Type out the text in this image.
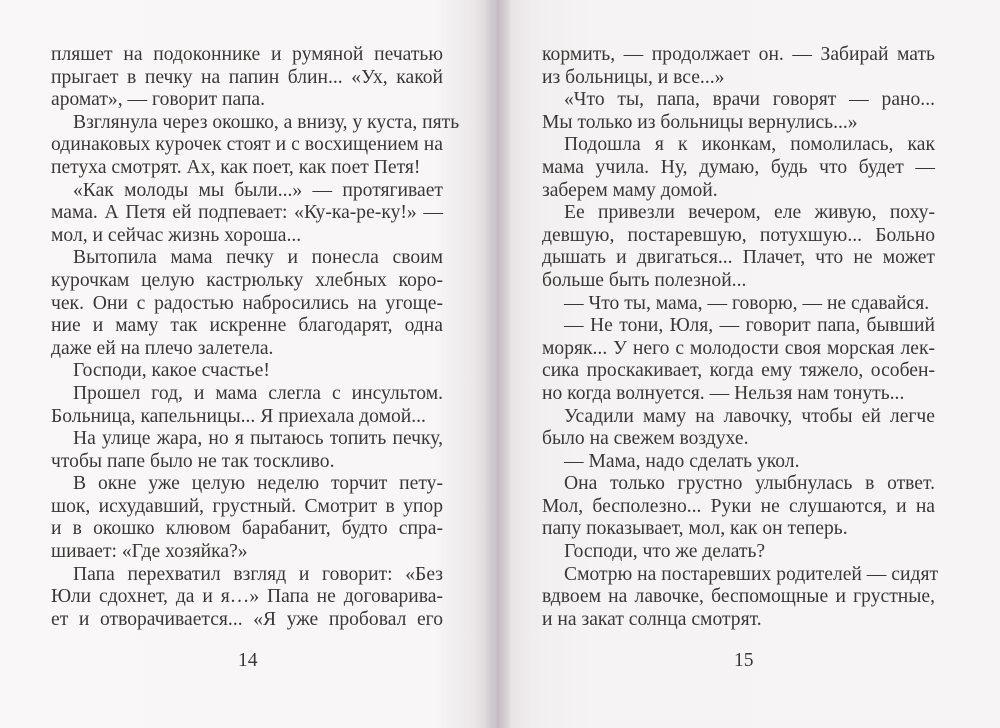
пляшет на подоконнике и румяной печатью
прыгает в печку на папин блин... «Ух, какой
аромат», — говорит папа.
Взглянула через окошко, а внизу, у куста, пять
одинаковых курочек стоят и с восхищением на
петуха смотрят. Ах, как поет, как поет Петя!
«Как молоды мы были...» — протягивает
мама. А Петя ей подпевает: «Ку-ка-ре-ку!» —
мол, и сейчас жизнь хороша...
Вытопила мама печку и понесла своим
курочкам целую кастрюльку хлебных коро-
чек. Они с радостью набросились на угоще-
ние и маму так искренне благодарят, одна
даже ей на плечо залетела.
Господи, какое счастье!
Прошел год, и мама слегла с инсультом.
Больница, капельницы... Я приехала домой...
На улице жара, но я пытаюсь топить печку,
чтобы папе было не так тоскливо.
В окне уже целую неделю торчит пету-
шок, исхудавший, грустный. Смотрит в упор
и в окошко клювом барабанит, будто спра-
шивает: «Где хозяйка?»
Папа перехватил взгляд и говорит: «Без
Юли сдохнет, да и я…» Папа не договарива-
ет и отворачивается... «Я уже пробовал его
14
кормить, — продолжает он. — Забирай мать
из больницы, и все...»
«Что ты, папа, врачи говорят — рано...
Мы только из больницы вернулись...»
Подошла я к иконкам, помолилась, как
мама учила. Ну, думаю, будь что будет —
заберем маму домой.
Ее привезли вечером, еле живую, поху-
девшую, постаревшую, потухшую... Больно
дышать и двигаться... Плачет, что не может
больше быть полезной...
— Что ты, мама, — говорю, — не сдавайся.
— Не тони, Юля, — говорит папа, бывший
моряк... У него с молодости своя морская лек-
сика проскакивает, когда ему тяжело, особен-
но когда волнуется. — Нельзя нам тонуть...
Усадили маму на лавочку, чтобы ей легче
было на свежем воздухе.
— Мама, надо сделать укол.
Она только грустно улыбнулась в ответ.
Мол, бесполезно... Руки не слушаются, и на
папу показывает, мол, как он теперь.
Господи, что же делать?
Смотрю на постаревших родителей — сидят
вдвоем на лавочке, беспомощные и грустные,
и на закат солнца смотрят.
15
